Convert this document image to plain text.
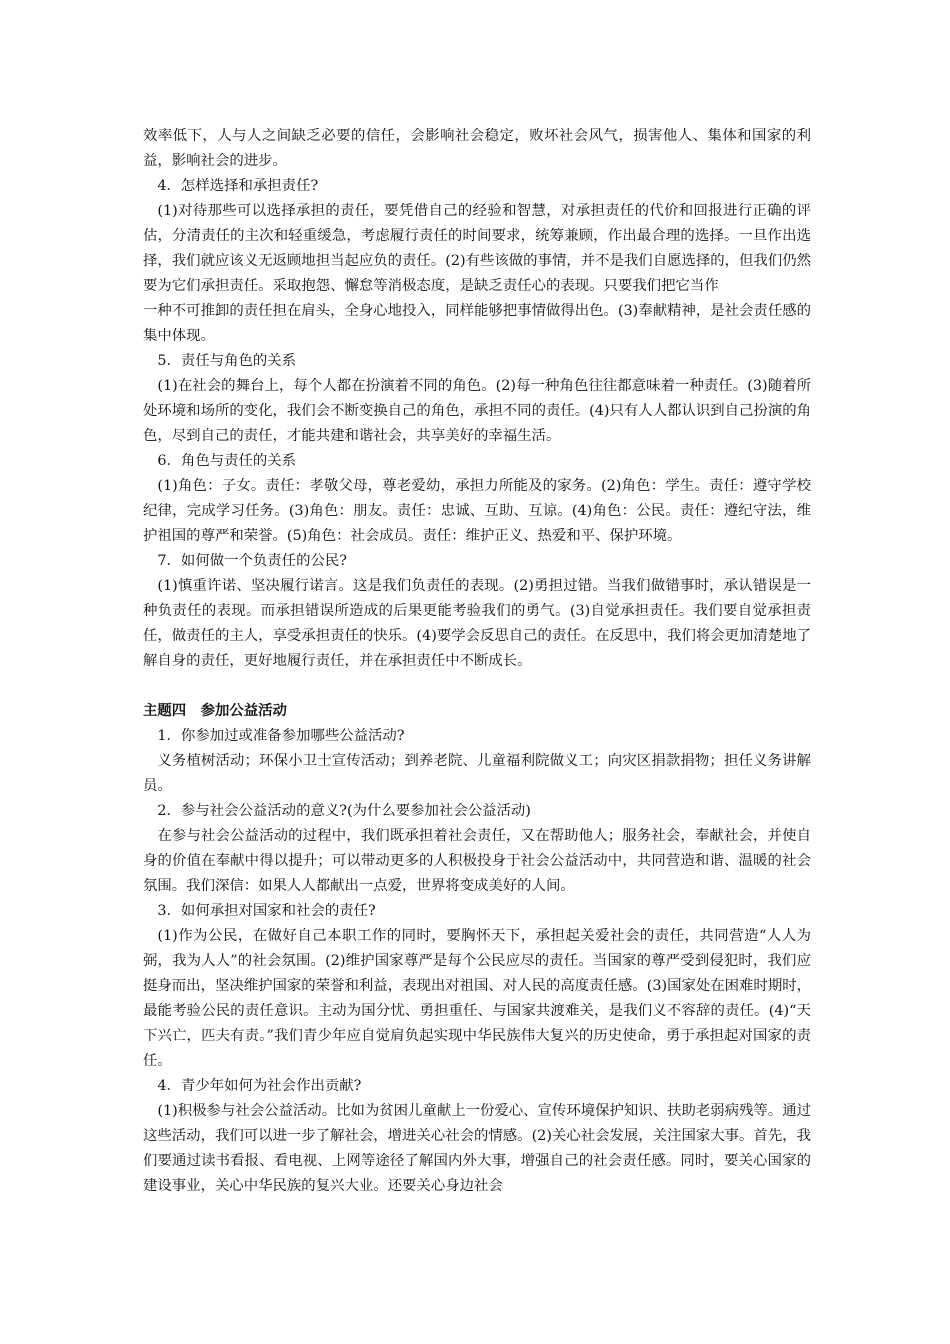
效率低下，人与人之间缺乏必要的信任，会影响社会稳定，败坏社会风气，损害他人、集体和国家的利益，影响社会的进步。

4．怎样选择和承担责任?

(1)对待那些可以选择承担的责任，要凭借自己的经验和智慧，对承担责任的代价和回报进行正确的评估，分清责任的主次和轻重缓急，考虑履行责任的时间要求，统筹兼顾，作出最合理的选择。一旦作出选择，我们就应该义无返顾地担当起应负的责任。(2)有些该做的事情，并不是我们自愿选择的，但我们仍然要为它们承担责任。采取抱怨、懈怠等消极态度，是缺乏责任心的表现。只要我们把它当作

一种不可推卸的责任担在肩头，全身心地投入，同样能够把事情做得出色。(3)奉献精神，是社会责任感的集中体现。

5．责任与角色的关系

(1)在社会的舞台上，每个人都在扮演着不同的角色。(2)每一种角色往往都意味着一种责任。(3)随着所处环境和场所的变化，我们会不断变换自己的角色，承担不同的责任。(4)只有人人都认识到自己扮演的角色，尽到自己的责任，才能共建和谐社会，共享美好的幸福生活。

6．角色与责任的关系

(1)角色：子女。责任：孝敬父母，尊老爱幼，承担力所能及的家务。(2)角色：学生。责任：遵守学校纪律，完成学习任务。(3)角色：朋友。责任：忠诚、互助、互谅。(4)角色：公民。责任：遵纪守法，维护祖国的尊严和荣誉。(5)角色：社会成员。责任：维护正义、热爱和平、保护环境。

7．如何做一个负责任的公民?

(1)慎重许诺、坚决履行诺言。这是我们负责任的表现。(2)勇担过错。当我们做错事时，承认错误是一种负责任的表现。而承担错误所造成的后果更能考验我们的勇气。(3)自觉承担责任。我们要自觉承担责任，做责任的主人，享受承担责任的快乐。(4)要学会反思自己的责任。在反思中，我们将会更加清楚地了解自身的责任，更好地履行责任，并在承担责任中不断成长。

主题四 参加公益活动

1．你参加过或准备参加哪些公益活动?

义务植树活动；环保小卫士宣传活动；到养老院、儿童福利院做义工；向灾区捐款捐物；担任义务讲解员。

2．参与社会公益活动的意义?(为什么要参加社会公益活动)

在参与社会公益活动的过程中，我们既承担着社会责任，又在帮助他人；服务社会，奉献社会，并使自身的价值在奉献中得以提升；可以带动更多的人积极投身于社会公益活动中，共同营造和谐、温暖的社会氛围。我们深信：如果人人都献出一点爱，世界将变成美好的人间。

3．如何承担对国家和社会的责任?

(1)作为公民，在做好自己本职工作的同时，要胸怀天下，承担起关爱社会的责任，共同营造“人人为弼，我为人人”的社会氛围。(2)维护国家尊严是每个公民应尽的责任。当国家的尊严受到侵犯时，我们应挺身而出，坚决维护国家的荣誉和利益，表现出对祖国、对人民的高度责任感。(3)国家处在困难时期时，最能考验公民的责任意识。主动为国分忧、勇担重任、与国家共渡难关，是我们义不容辞的责任。(4)“天下兴亡，匹夫有责。”我们青少年应自觉肩负起实现中华民族伟大复兴的历史使命，勇于承担起对国家的责任。

4．青少年如何为社会作出贡献?

(1)积极参与社会公益活动。比如为贫困儿童献上一份爱心、宣传环境保护知识、扶助老弱病残等。通过这些活动，我们可以进一步了解社会，增进关心社会的情感。(2)关心社会发展，关注国家大事。首先，我们要通过读书看报、看电视、上网等途径了解国内外大事，增强自己的社会责任感。同时，要关心国家的建设事业，关心中华民族的复兴大业。还要关心身边社会
